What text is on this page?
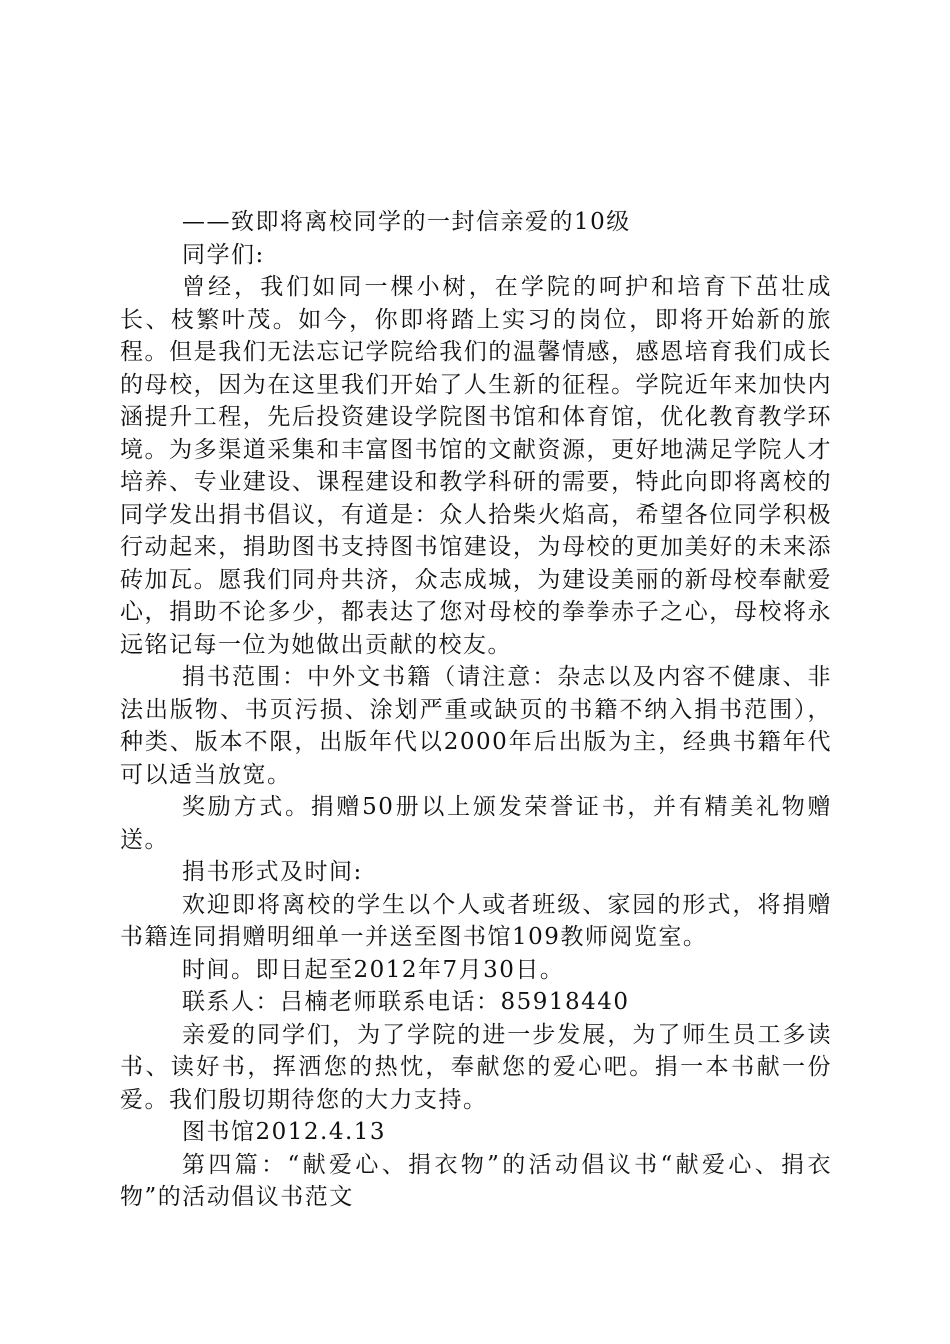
——致即将离校同学的一封信亲爱的10级

同学们:

曾经，我们如同一棵小树，在学院的呵护和培育下茁壮成长、枝繁叶茂。如今，你即将踏上实习的岗位，即将开始新的旅程。但是我们无法忘记学院给我们的温馨情感，感恩培育我们成长的母校，因为在这里我们开始了人生新的征程。学院近年来加快内涵提升工程，先后投资建设学院图书馆和体育馆，优化教育教学环境。为多渠道采集和丰富图书馆的文献资源，更好地满足学院人才培养、专业建设、课程建设和教学科研的需要，特此向即将离校的同学发出捐书倡议，有道是：众人拾柴火焰高，希望各位同学积极行动起来，捐助图书支持图书馆建设，为母校的更加美好的未来添砖加瓦。愿我们同舟共济，众志成城，为建设美丽的新母校奉献爱心，捐助不论多少，都表达了您对母校的拳拳赤子之心，母校将永远铭记每一位为她做出贡献的校友。

捐书范围：中外文书籍（请注意：杂志以及内容不健康、非法出版物、书页污损、涂划严重或缺页的书籍不纳入捐书范围），种类、版本不限，出版年代以2000年后出版为主，经典书籍年代可以适当放宽。

奖励方式。捐赠50册以上颁发荣誉证书，并有精美礼物赠送。

捐书形式及时间:

欢迎即将离校的学生以个人或者班级、家园的形式，将捐赠书籍连同捐赠明细单一并送至图书馆109教师阅览室。

时间。即日起至2012年7月30日。

联系人：吕楠老师联系电话：85918440

亲爱的同学们，为了学院的进一步发展，为了师生员工多读书、读好书，挥洒您的热忱，奉献您的爱心吧。捐一本书献一份爱。我们殷切期待您的大力支持。

图书馆2012.4.13

第四篇：“献爱心、捐衣物”的活动倡议书“献爱心、捐衣物”的活动倡议书范文
